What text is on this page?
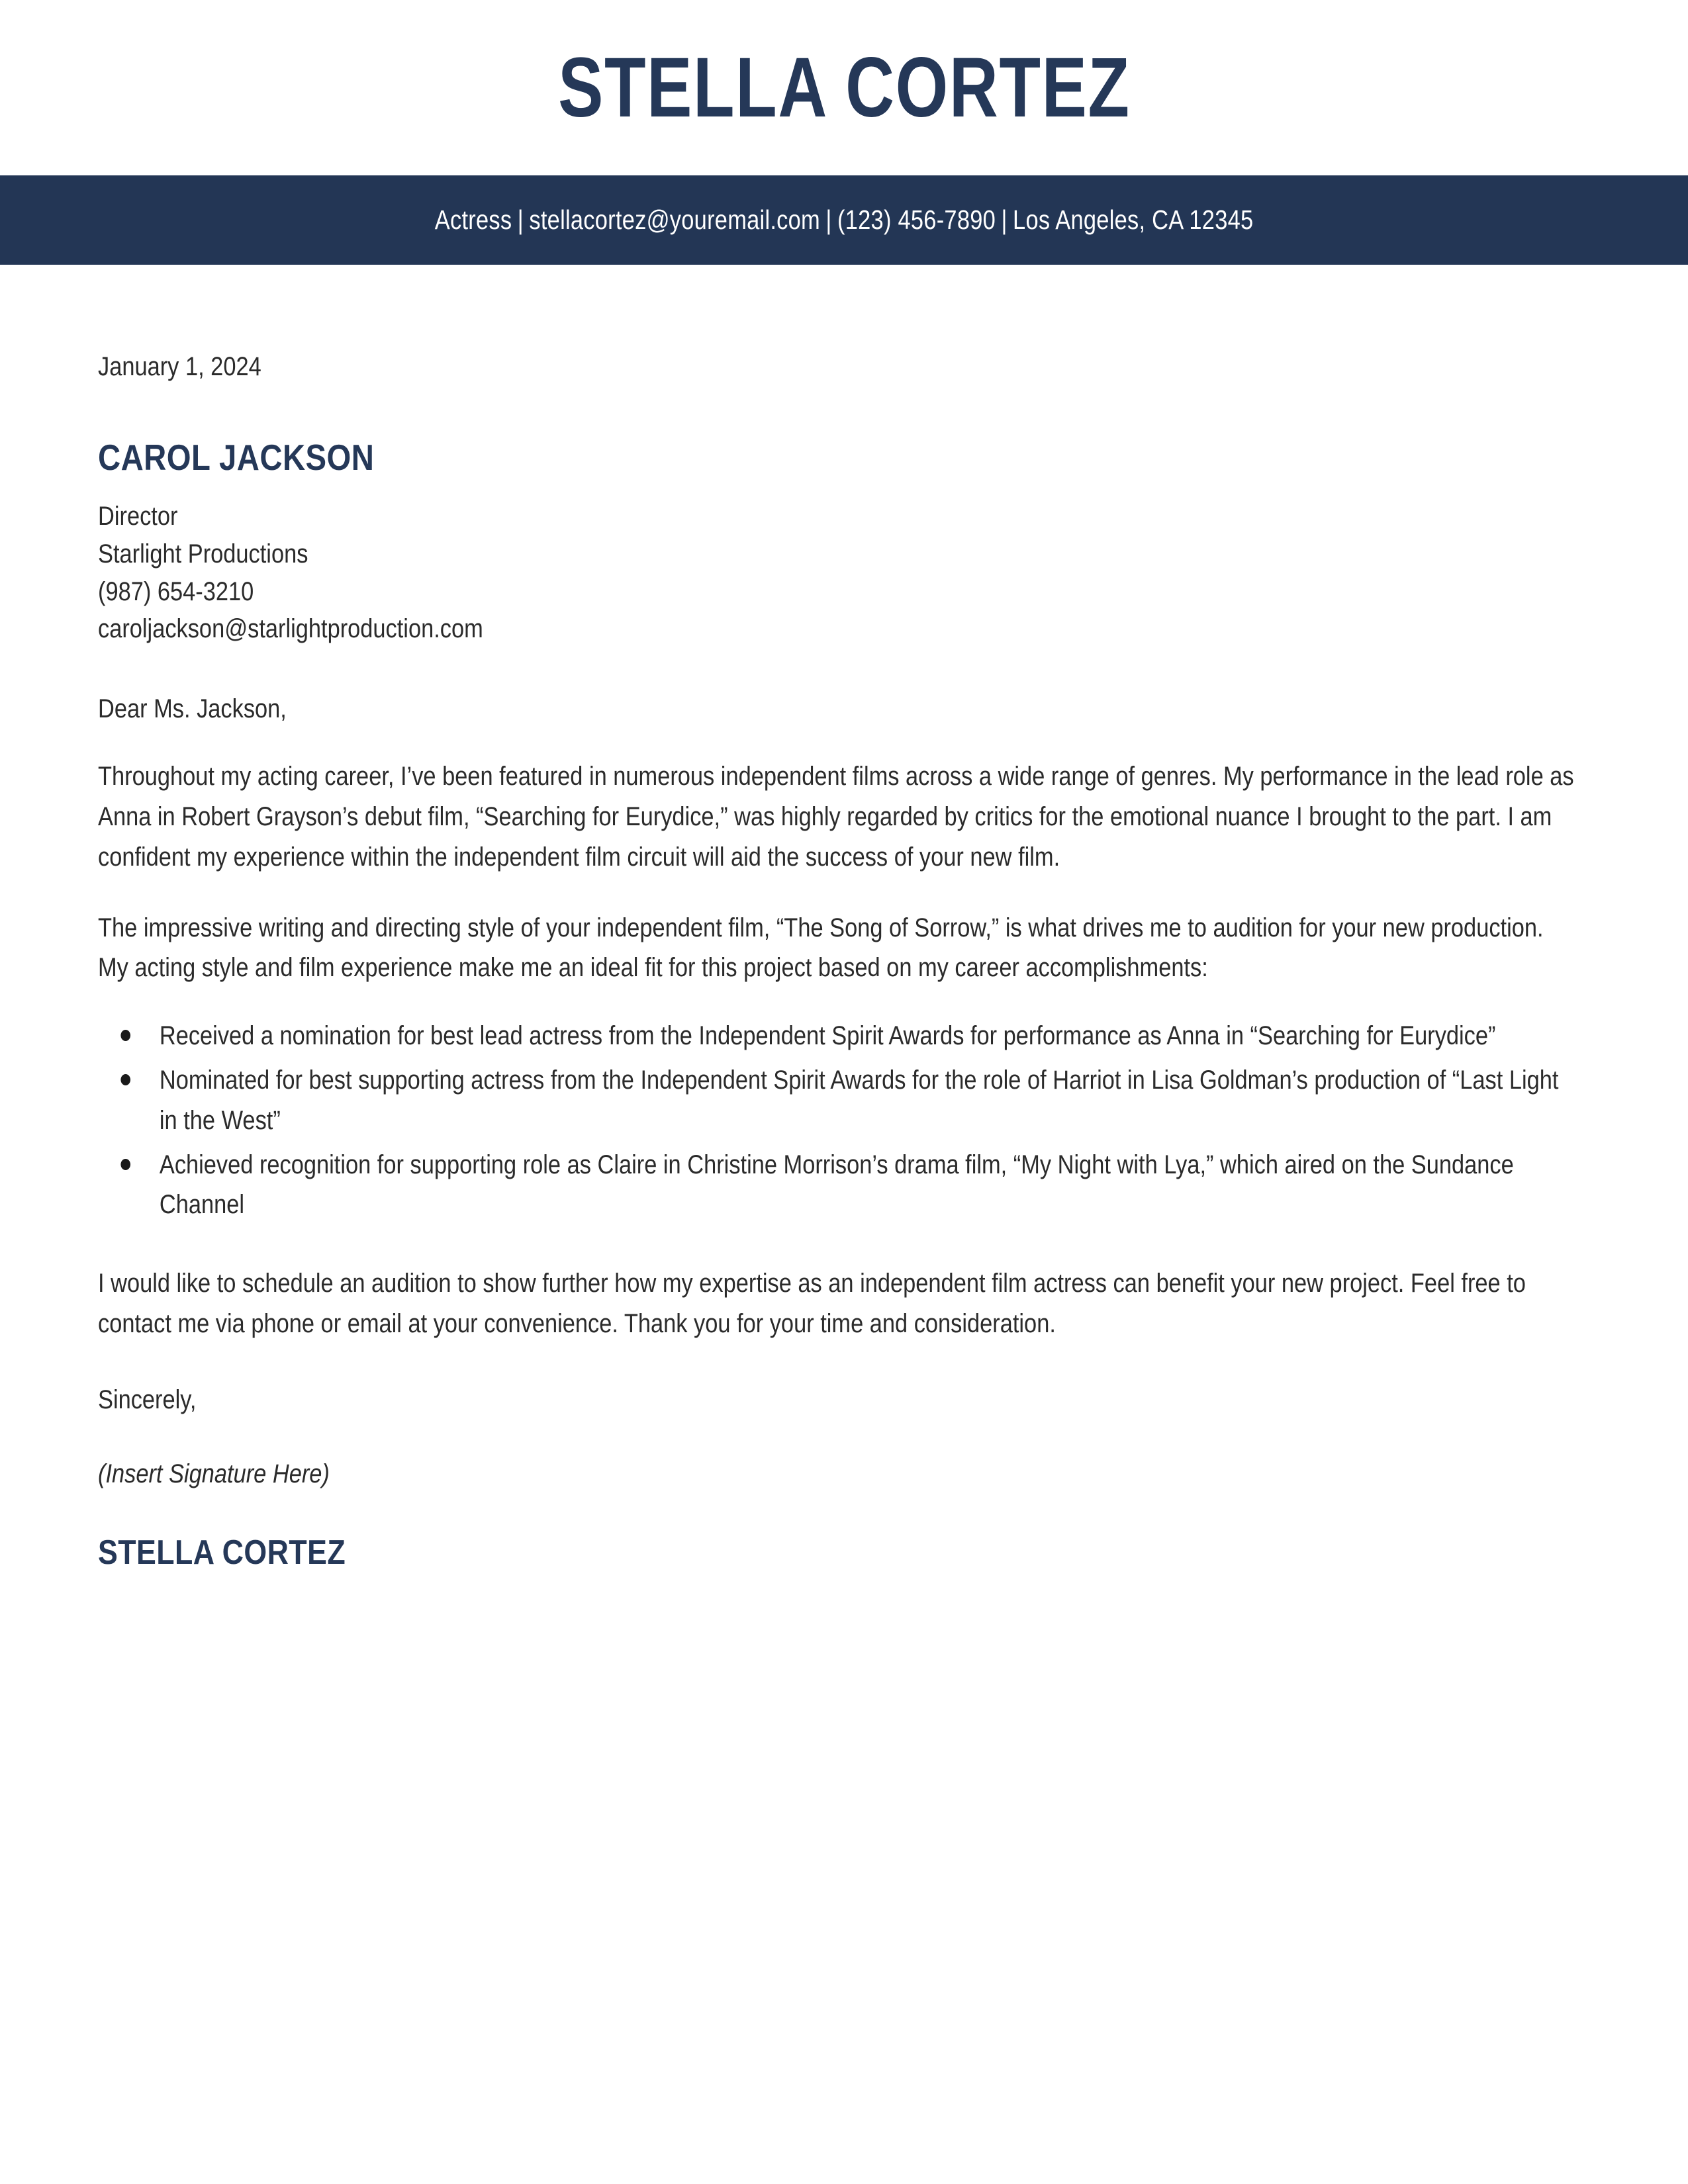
STELLA CORTEZ
Actress | stellacortez@youremail.com | (123) 456-7890 | Los Angeles, CA 12345
January 1, 2024
CAROL JACKSON
Director
Starlight Productions
(987) 654-3210
caroljackson@starlightproduction.com
Dear Ms. Jackson,

Throughout my acting career, I’ve been featured in numerous independent films across a wide range of genres. My performance in the lead role as Anna in Robert Grayson’s debut film, “Searching for Eurydice,” was highly regarded by critics for the emotional nuance I brought to the part. I am confident my experience within the independent film circuit will aid the success of your new film.

The impressive writing and directing style of your independent film, “The Song of Sorrow,” is what drives me to audition for your new production. My acting style and film experience make me an ideal fit for this project based on my career accomplishments:

Received a nomination for best lead actress from the Independent Spirit Awards for performance as Anna in “Searching for Eurydice”
Nominated for best supporting actress from the Independent Spirit Awards for the role of Harriot in Lisa Goldman’s production of “Last Light in the West”
Achieved recognition for supporting role as Claire in Christine Morrison’s drama film, “My Night with Lya,” which aired on the Sundance Channel

I would like to schedule an audition to show further how my expertise as an independent film actress can benefit your new project. Feel free to contact me via phone or email at your convenience. Thank you for your time and consideration.

Sincerely,
(Insert Signature Here)
STELLA CORTEZ
